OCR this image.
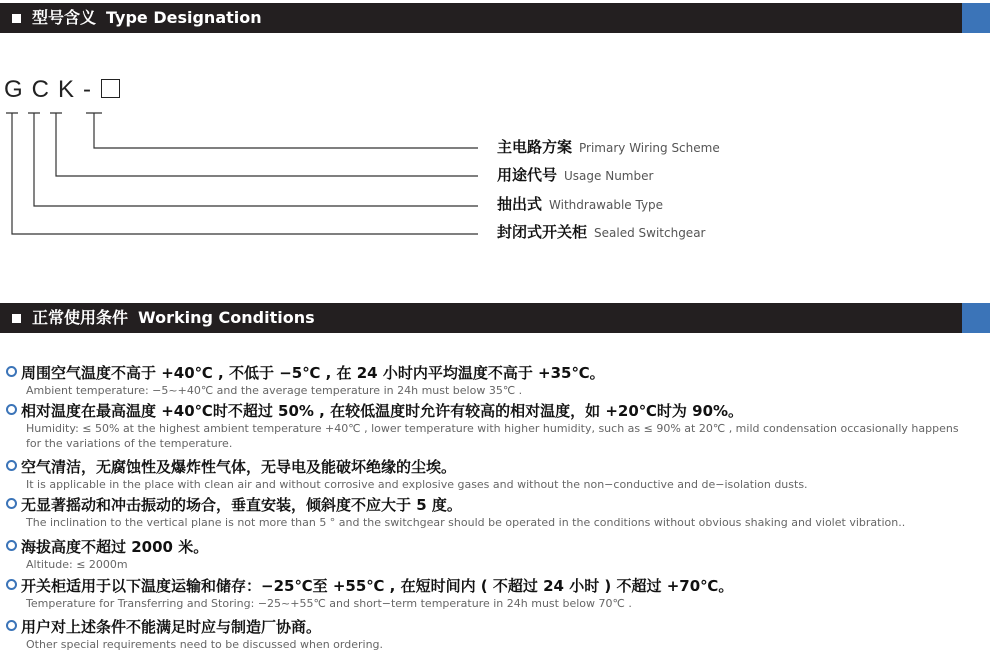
型号含义 Type Designation
GCK-
主电路方案 Primary Wiring Scheme
用途代号 Usage Number
抽出式 Withdrawable Type
封闭式开关柜 Sealed Switchgear
正常使用条件 Working Conditions
周围空气温度不高于 +40℃ , 不低于 −5℃ , 在 24 小时内平均温度不高于 +35℃。
Ambient temperature: −5~+40℃ and the average temperature in 24h must below 35℃ .
相对温度在最高温度 +40℃时不超过 50% , 在较低温度时允许有较高的相对温度，如 +20℃时为 90%。
Humidity: ≤ 50% at the highest ambient temperature +40℃ , lower temperature with higher humidity, such as ≤ 90% at 20℃ , mild condensation occasionally happens for the variations of the temperature.
空气清洁，无腐蚀性及爆炸性气体，无导电及能破坏绝缘的尘埃。
It is applicable in the place with clean air and without corrosive and explosive gases and without the non−conductive and de−isolation dusts.
无显著摇动和冲击振动的场合，垂直安装，倾斜度不应大于 5 度。
The inclination to the vertical plane is not more than 5 ° and the switchgear should be operated in the conditions without obvious shaking and violet vibration..
海拔高度不超过 2000 米。
Altitude: ≤ 2000m
开关柜适用于以下温度运输和储存：−25℃至 +55℃ , 在短时间内 ( 不超过 24 小时 ) 不超过 +70℃。
Temperature for Transferring and Storing: −25~+55℃ and short−term temperature in 24h must below 70℃ .
用户对上述条件不能满足时应与制造厂协商。
Other special requirements need to be discussed when ordering.
